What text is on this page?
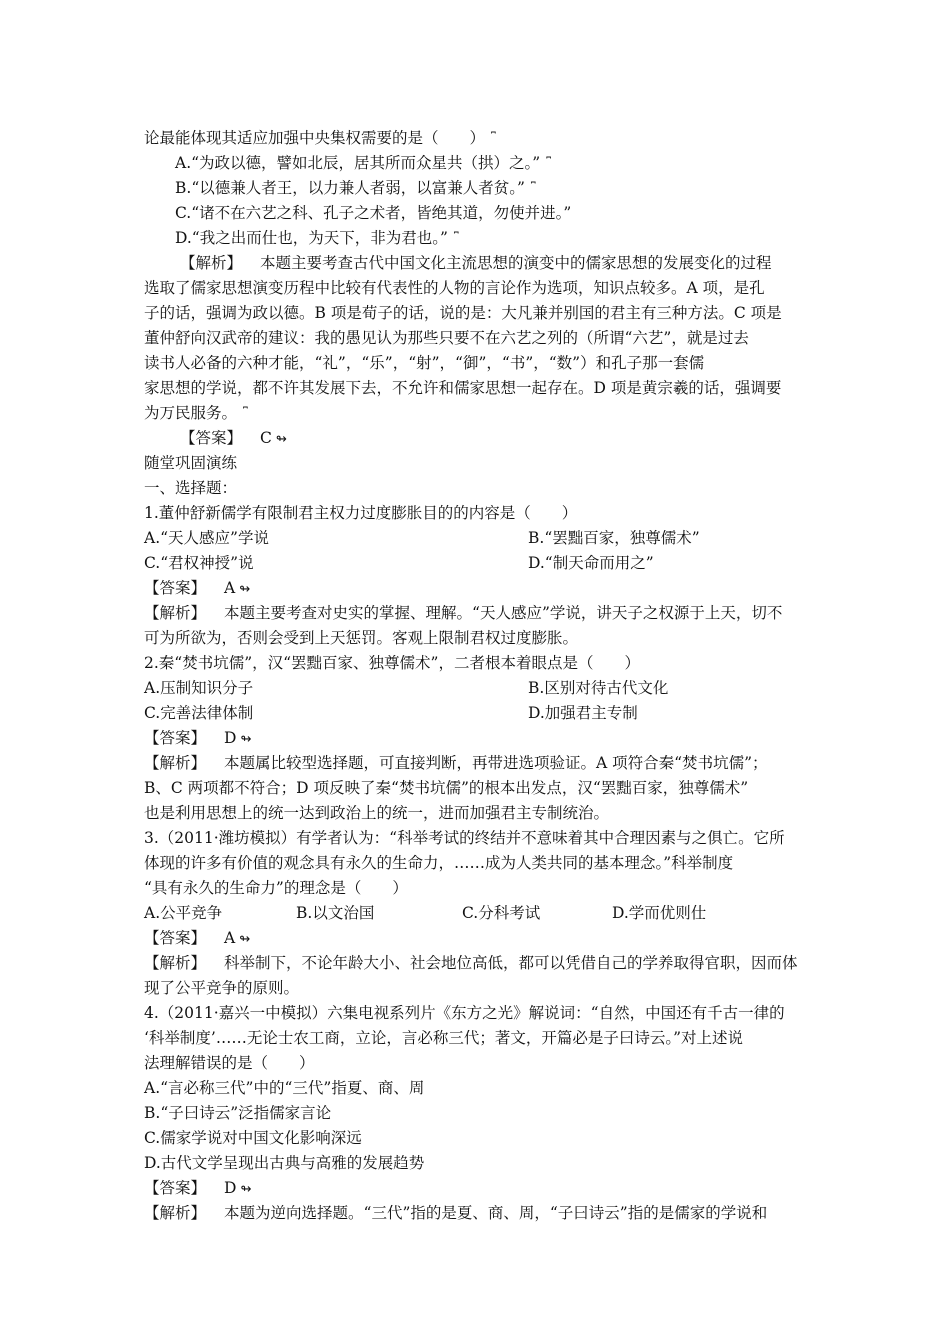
论最能体现其适应加强中央集权需要的是（　　） ⎴
A.“为政以德，譬如北辰，居其所而众星共（拱）之。” ⎴
B.“以德兼人者王，以力兼人者弱，以富兼人者贫。” ⎴
C.“诸不在六艺之科、孔子之术者，皆绝其道，勿使并进。”
D.“我之出而仕也，为天下，非为君也。” ⎴
【解析】 本题主要考查古代中国文化主流思想的演变中的儒家思想的发展变化的过程
选取了儒家思想演变历程中比较有代表性的人物的言论作为选项，知识点较多。A 项，是孔
子的话，强调为政以德。B 项是荀子的话，说的是：大凡兼并别国的君主有三种方法。C 项是
董仲舒向汉武帝的建议：我的愚见认为那些只要不在六艺之列的（所谓“六艺”，就是过去
读书人必备的六种才能，“礼”，“乐”，“射”，“御”，“书”，“数”）和孔子那一套儒
家思想的学说，都不许其发展下去，不允许和儒家思想一起存在。D 项是黄宗羲的话，强调要
为万民服务。 ⎴
【答案】 C ↬
随堂巩固演练
一、选择题：
1.董仲舒新儒学有限制君主权力过度膨胀目的的内容是（　　）
A.“天人感应”学说	B.“罢黜百家，独尊儒术”
C.“君权神授”说	D.“制天命而用之”
【答案】 A ↬
【解析】 本题主要考查对史实的掌握、理解。“天人感应”学说，讲天子之权源于上天，切不
可为所欲为，否则会受到上天惩罚。客观上限制君权过度膨胀。
2.秦“焚书坑儒”，汉“罢黜百家、独尊儒术”，二者根本着眼点是（　　）
A.压制知识分子	B.区别对待古代文化
C.完善法律体制	D.加强君主专制
【答案】 D ↬
【解析】 本题属比较型选择题，可直接判断，再带进选项验证。A 项符合秦“焚书坑儒”；
B、C 两项都不符合；D 项反映了秦“焚书坑儒”的根本出发点，汉“罢黜百家，独尊儒术”
也是利用思想上的统一达到政治上的统一，进而加强君主专制统治。
3.（2011·潍坊模拟）有学者认为：“科举考试的终结并不意味着其中合理因素与之俱亡。它所
体现的许多有价值的观念具有永久的生命力，……成为人类共同的基本理念。”科举制度
“具有永久的生命力”的理念是（　　）
A.公平竞争	B.以文治国	C.分科考试	D.学而优则仕
【答案】 A ↬
【解析】 科举制下，不论年龄大小、社会地位高低，都可以凭借自己的学养取得官职，因而体
现了公平竞争的原则。
4.（2011·嘉兴一中模拟）六集电视系列片《东方之光》解说词：“自然，中国还有千古一律的
‘科举制度’……无论士农工商，立论，言必称三代；著文，开篇必是子曰诗云。”对上述说
法理解错误的是（　　）
A.“言必称三代”中的“三代”指夏、商、周
B.“子曰诗云”泛指儒家言论
C.儒家学说对中国文化影响深远
D.古代文学呈现出古典与高雅的发展趋势
【答案】 D ↬
【解析】 本题为逆向选择题。“三代”指的是夏、商、周，“子曰诗云”指的是儒家的学说和
